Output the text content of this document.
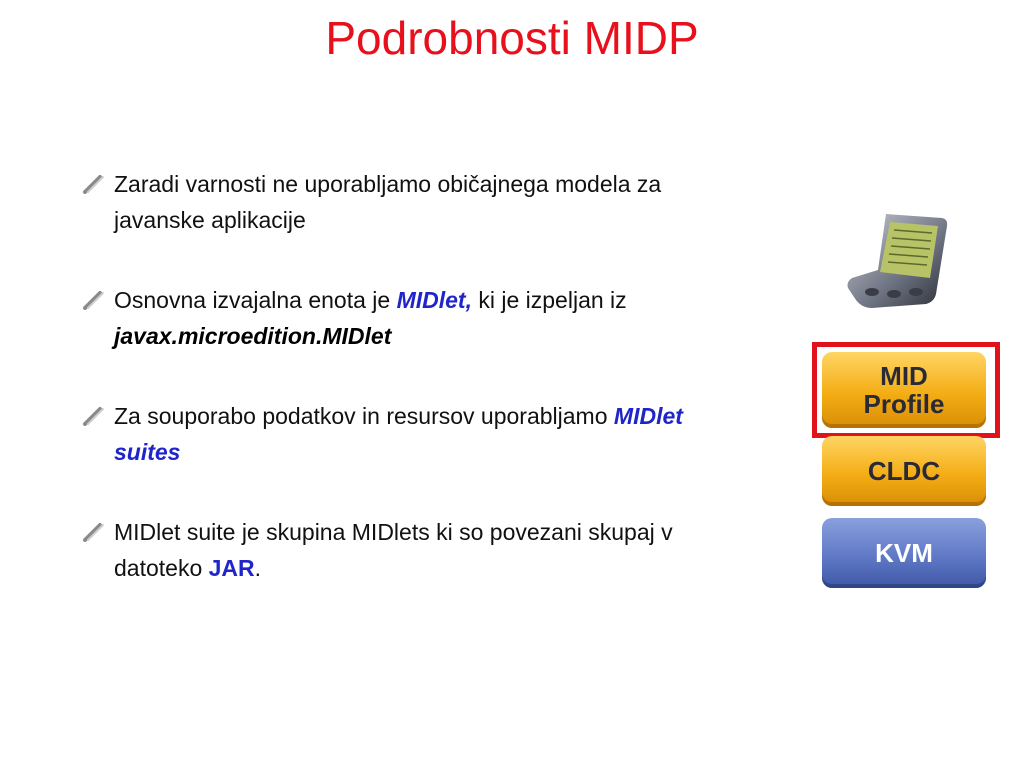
Podrobnosti MIDP
Zaradi varnosti ne uporabljamo običajnega modela za javanske aplikacije
Osnovna izvajalna enota je MIDlet, ki je izpeljan iz javax.microedition.MIDlet
Za souporabo podatkov in resursov uporabljamo MIDlet suites
MIDlet suite je skupina MIDlets ki so povezani skupaj v datoteko JAR.
MID
Profile
CLDC
KVM
